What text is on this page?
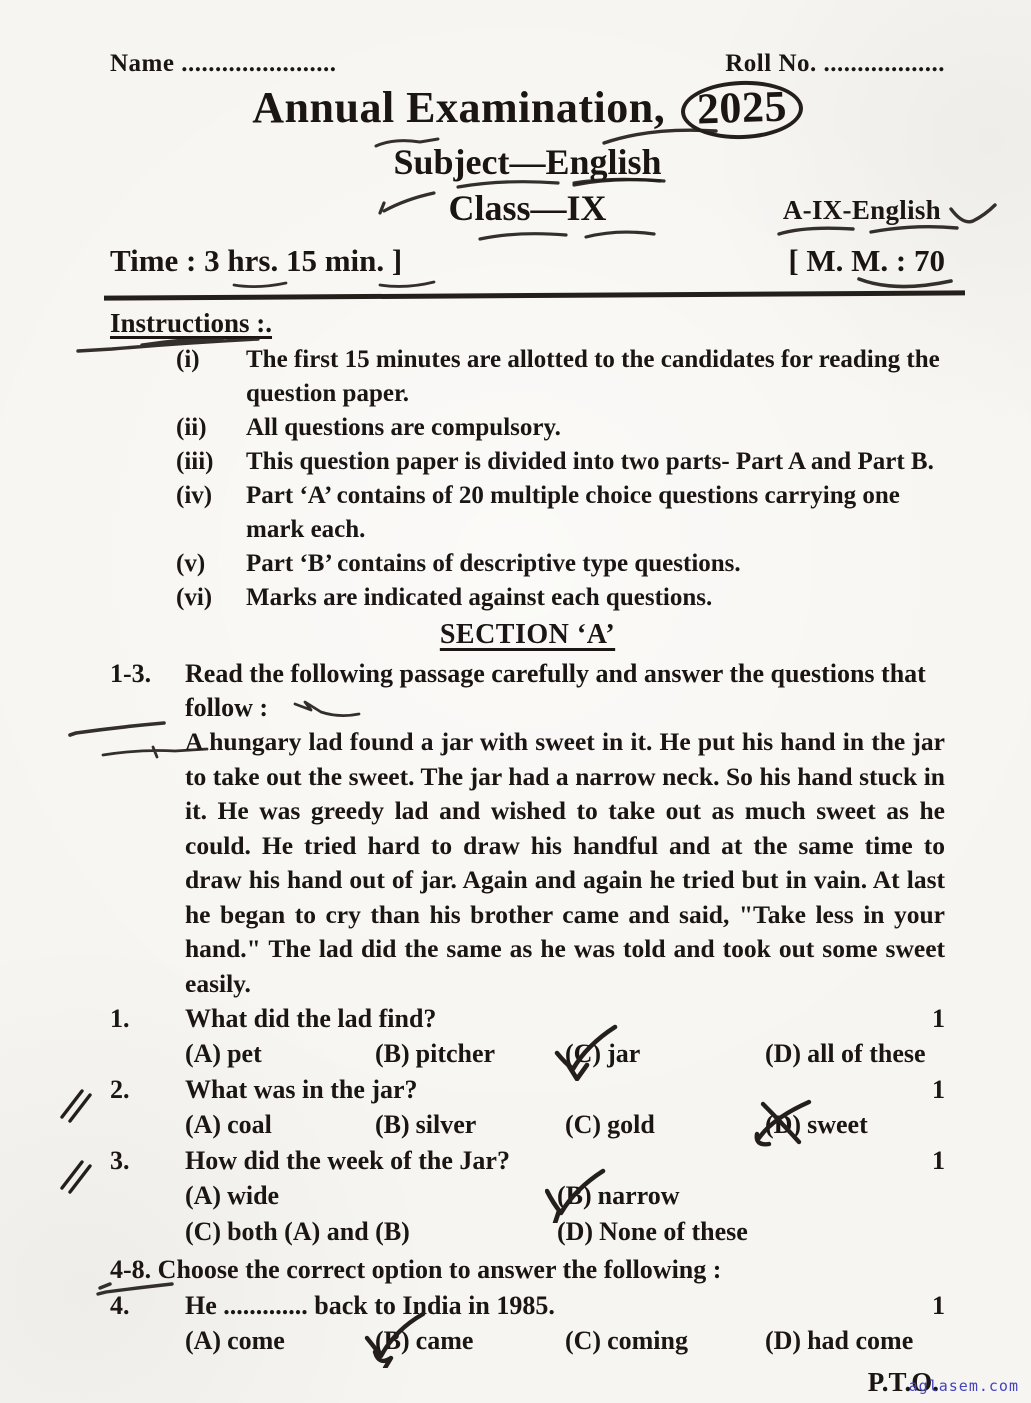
Name .......................	Roll No. ..................
Annual Examination, 2025
Subject—English
Class—IX	A-IX-English
Time : 3 hrs. 15 min. ]	[ M. M. : 70
Instructions :.
(i)	The first 15 minutes are allotted to the candidates for reading the question paper.
(ii)	All questions are compulsory.
(iii)	This question paper is divided into two parts- Part A and Part B.
(iv)	Part ‘A’ contains of 20 multiple choice questions carrying one mark each.
(v)	Part ‘B’ contains of descriptive type questions.
(vi)	Marks are indicated against each questions.
SECTION ‘A’
1-3.	Read the following passage carefully and answer the questions that follow :
A hungary lad found a jar with sweet in it. He put his hand in the jar to take out the sweet. The jar had a narrow neck. So his hand stuck in it. He was greedy lad and wished to take out as much sweet as he could. He tried hard to draw his handful and at the same time to draw his hand out of jar. Again and again he tried but in vain. At last he began to cry than his brother came and said, "Take less in your hand." The lad did the same as he was told and took out some sweet easily.
1.	What did the lad find?	1
(A) pet	(B) pitcher	(C) jar	(D) all of these
2.	What was in the jar?	1
(A) coal	(B) silver	(C) gold	(D) sweet
3.	How did the week of the Jar?	1
(A) wide	(B) narrow
(C) both (A) and (B)	(D) None of these
4-8. Choose the correct option to answer the following :
4.	He ............. back to India in 1985.	1
(A) come	(B) came	(C) coming	(D) had come
P.T.O.
aglasem.com
